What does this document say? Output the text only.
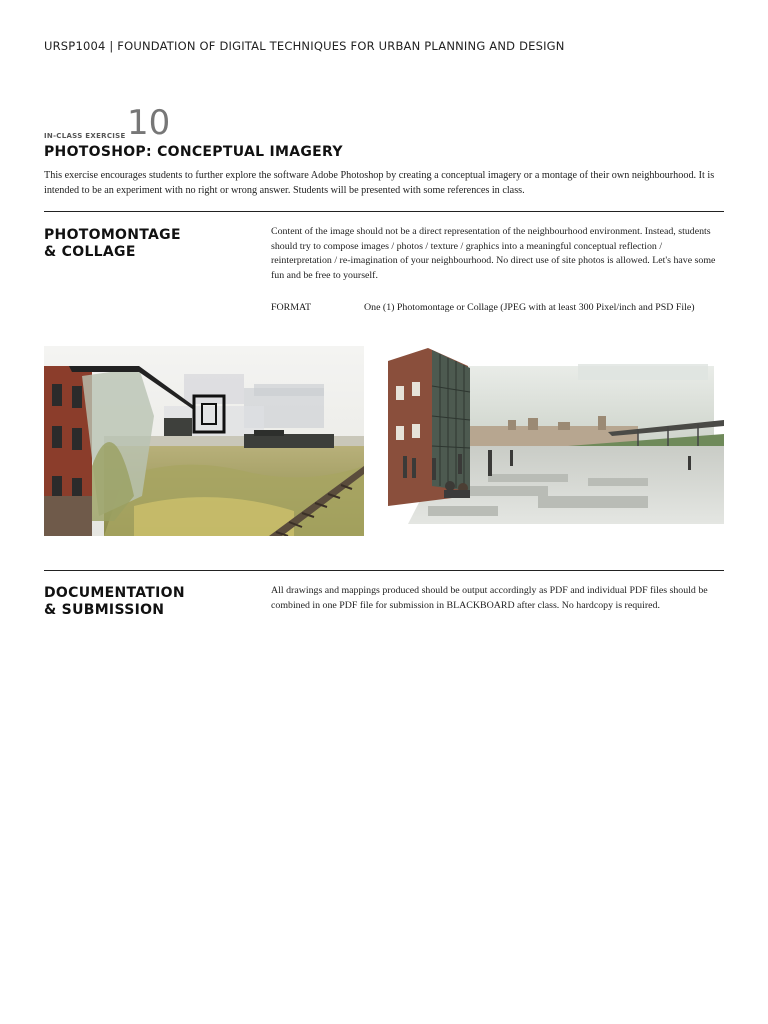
URSP1004 | FOUNDATION OF DIGITAL TECHNIQUES FOR URBAN PLANNING AND DESIGN
IN-CLASS EXERCISE 10
PHOTOSHOP: CONCEPTUAL IMAGERY
This exercise encourages students to further explore the software Adobe Photoshop by creating a conceptual imagery or a montage of their own neighbourhood. It is intended to be an experiment with no right or wrong answer. Students will be presented with some references in class.
PHOTOMONTAGE
& COLLAGE
Content of the image should not be a direct representation of the neighbourhood environment. Instead, students should try to compose images / photos / texture / graphics into a meaningful conceptual reflection / reinterpretation / re-imagination of your neighbourhood. No direct use of site photos is allowed. Let's have some fun and be free to yourself.
FORMAT	One (1) Photomontage or Collage (JPEG with at least 300 Pixel/inch and PSD File)
DOCUMENTATION
& SUBMISSION
All drawings and mappings produced should be output accordingly as PDF and individual PDF files should be combined in one PDF file for submission in BLACKBOARD after class. No hardcopy is required.
